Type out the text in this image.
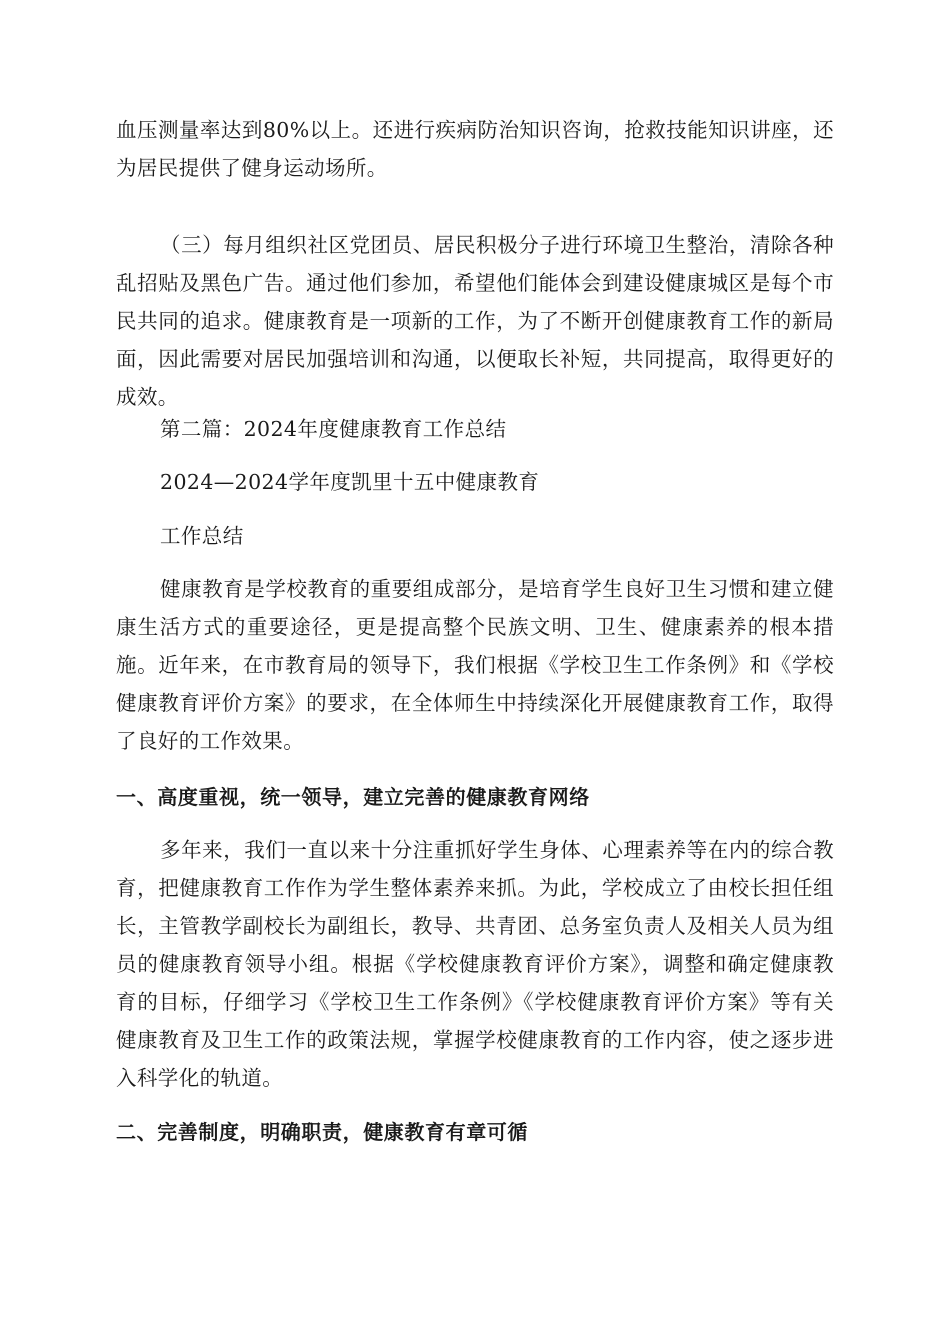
血压测量率达到80%以上。还进行疾病防治知识咨询，抢救技能知识讲座，还为居民提供了健身运动场所。

（三）每月组织社区党团员、居民积极分子进行环境卫生整治，清除各种乱招贴及黑色广告。通过他们参加，希望他们能体会到建设健康城区是每个市民共同的追求。健康教育是一项新的工作，为了不断开创健康教育工作的新局面，因此需要对居民加强培训和沟通，以便取长补短，共同提高，取得更好的成效。

第二篇：2024年度健康教育工作总结

2024—2024学年度凯里十五中健康教育

工作总结

健康教育是学校教育的重要组成部分，是培育学生良好卫生习惯和建立健康生活方式的重要途径，更是提高整个民族文明、卫生、健康素养的根本措施。近年来，在市教育局的领导下，我们根据《学校卫生工作条例》和《学校健康教育评价方案》的要求，在全体师生中持续深化开展健康教育工作，取得了良好的工作效果。

一、高度重视，统一领导，建立完善的健康教育网络

多年来，我们一直以来十分注重抓好学生身体、心理素养等在内的综合教育，把健康教育工作作为学生整体素养来抓。为此，学校成立了由校长担任组长，主管教学副校长为副组长，教导、共青团、总务室负责人及相关人员为组员的健康教育领导小组。根据《学校健康教育评价方案》，调整和确定健康教育的目标，仔细学习《学校卫生工作条例》《学校健康教育评价方案》等有关健康教育及卫生工作的政策法规，掌握学校健康教育的工作内容，使之逐步进入科学化的轨道。

二、完善制度，明确职责，健康教育有章可循
